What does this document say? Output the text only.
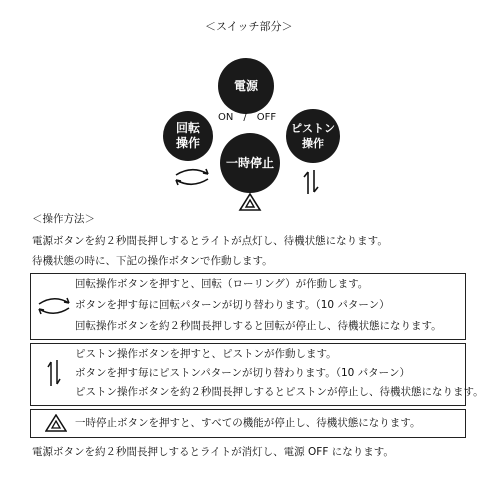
＜スイッチ部分＞
電源
ON　/　OFF
回転
操作
ピストン
操作
一時停止
＜操作方法＞
電源ボタンを約２秒間長押しするとライトが点灯し、待機状態になります。
待機状態の時に、下記の操作ボタンで作動します。
回転操作ボタンを押すと、回転（ローリング）が作動します。
ボタンを押す毎に回転パターンが切り替わります。（10 パターン）
回転操作ボタンを約２秒間長押しすると回転が停止し、待機状態になります。
ピストン操作ボタンを押すと、ピストンが作動します。
ボタンを押す毎にピストンパターンが切り替わります。（10 パターン）
ピストン操作ボタンを約２秒間長押しするとピストンが停止し、待機状態になります。
一時停止ボタンを押すと、すべての機能が停止し、待機状態になります。
電源ボタンを約２秒間長押しするとライトが消灯し、電源 OFF になります。
